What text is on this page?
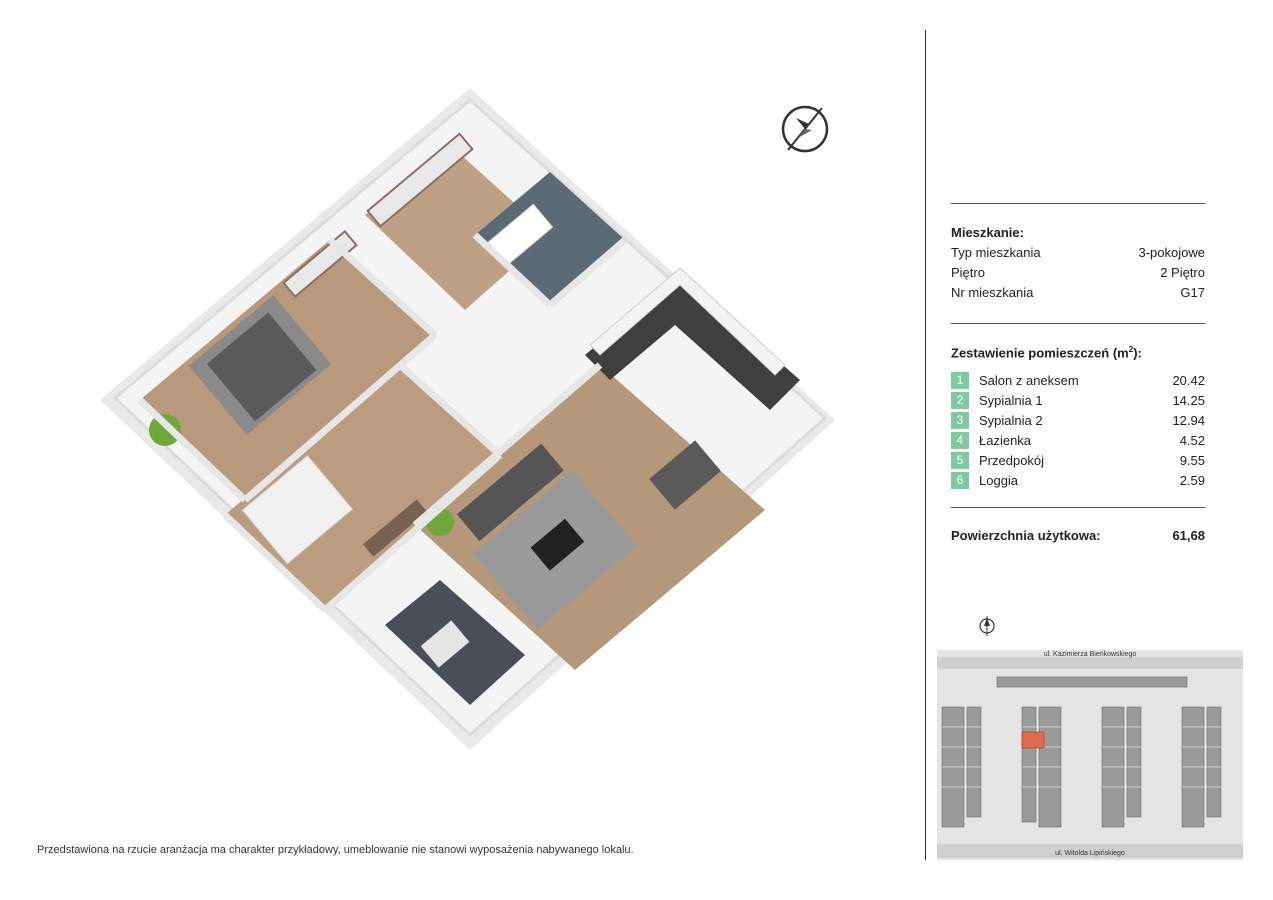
Mieszkanie:
Typ mieszkania	3-pokojowe
Piętro	2 Piętro
Nr mieszkania	G17
Zestawienie pomieszczeń $(m^2)$:
1	Salon z aneksem	20.42
2	Sypialnia 1	14.25
3	Sypialnia 2	12.94
4	Łazienka	4.52
5	Przedpokój	9.55
6	Loggia	2.59
Powierzchnia użytkowa:	61,68
ul. Kazimierza Bieńkowskiego
ul. Witolda Lipińskiego
Przedstawiona na rzucie aranżacja ma charakter przykładowy, umeblowanie nie stanowi wyposażenia nabywanego lokalu.
